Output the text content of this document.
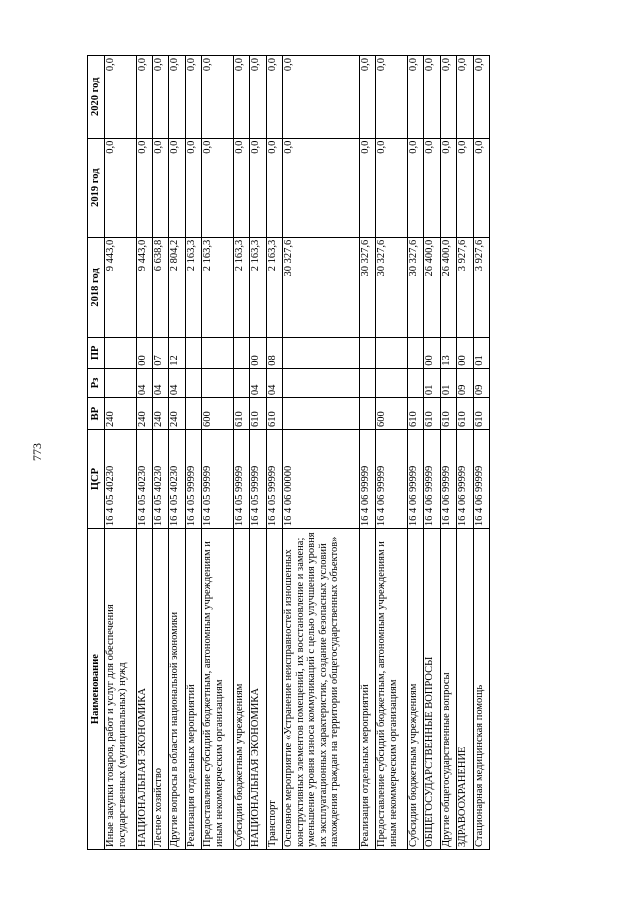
773
Наименование	ЦСР	ВР	Рз	ПР	2018 год	2019 год	2020 год
Иные закупки товаров, работ и услуг для обеспечения государственных (муниципальных) нужд	16 4 05 40230	240			9 443,0	0,0	0,0
НАЦИОНАЛЬНАЯ ЭКОНОМИКА	16 4 05 40230	240	04	00	9 443,0	0,0	0,0
Лесное хозяйство	16 4 05 40230	240	04	07	6 638,8	0,0	0,0
Другие вопросы в области национальной экономики	16 4 05 40230	240	04	12	2 804,2	0,0	0,0
Реализация отдельных мероприятий	16 4 05 99999				2 163,3	0,0	0,0
Предоставление субсидий бюджетным, автономным учреждениям и иным некоммерческим организациям	16 4 05 99999	600			2 163,3	0,0	0,0
Субсидии бюджетным учреждениям	16 4 05 99999	610			2 163,3	0,0	0,0
НАЦИОНАЛЬНАЯ ЭКОНОМИКА	16 4 05 99999	610	04	00	2 163,3	0,0	0,0
Транспорт	16 4 05 99999	610	04	08	2 163,3	0,0	0,0
Основное мероприятие «Устранение неисправностей изношенных конструктивных элементов помещений, их восстановление и замена; уменьшение уровня износа коммуникаций с целью улучшения уровня их эксплуатационных характеристик, создание безопасных условий нахождения граждан на территории общегосударственных объектов»	16 4 06 00000				30 327,6	0,0	0,0
Реализация отдельных мероприятий	16 4 06 99999				30 327,6	0,0	0,0
Предоставление субсидий бюджетным, автономным учреждениям и иным некоммерческим организациям	16 4 06 99999	600			30 327,6	0,0	0,0
Субсидии бюджетным учреждениям	16 4 06 99999	610			30 327,6	0,0	0,0
ОБЩЕГОСУДАРСТВЕННЫЕ ВОПРОСЫ	16 4 06 99999	610	01	00	26 400,0	0,0	0,0
Другие общегосударственные вопросы	16 4 06 99999	610	01	13	26 400,0	0,0	0,0
ЗДРАВООХРАНЕНИЕ	16 4 06 99999	610	09	00	3 927,6	0,0	0,0
Стационарная медицинская помощь	16 4 06 99999	610	09	01	3 927,6	0,0	0,0
